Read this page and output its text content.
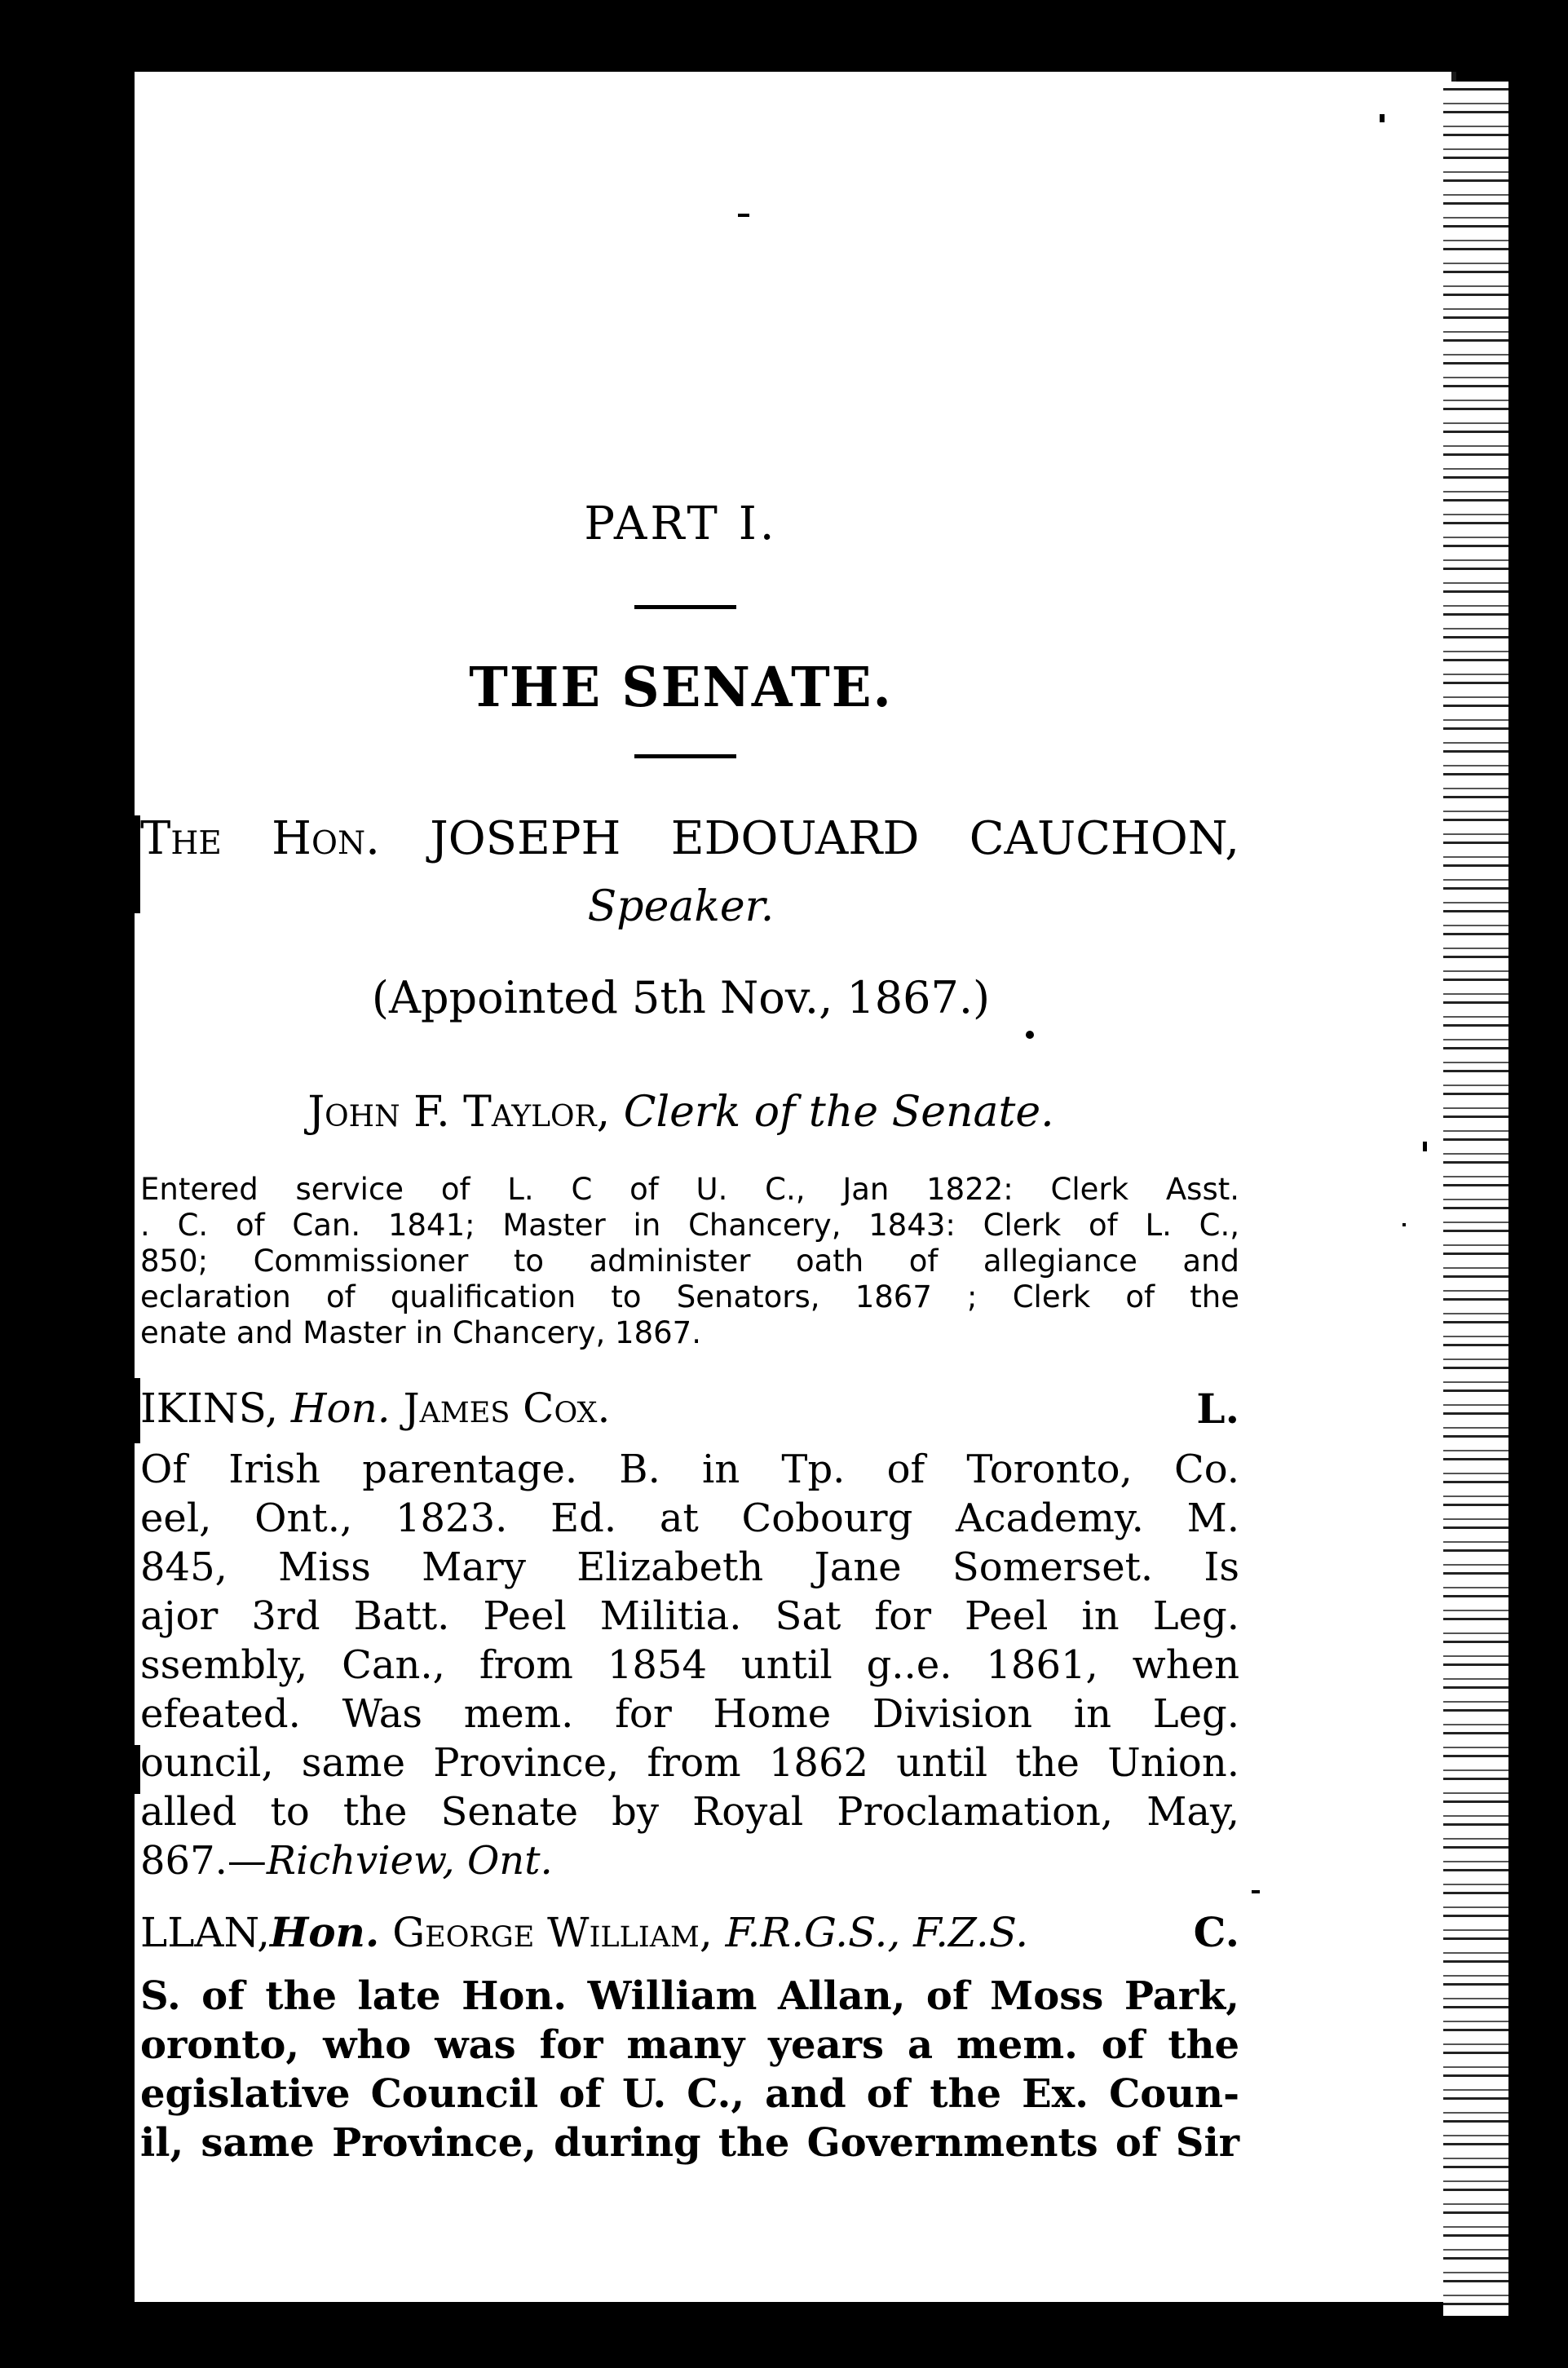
PART I.
THE SENATE.
The Hon. JOSEPH EDOUARD CAUCHON,
Speaker.
(Appointed 5th Nov., 1867.)
John F. Taylor, Clerk of the Senate.
Entered service of L. C of U. C., Jan 1822: Clerk Asst.
. C. of Can. 1841; Master in Chancery, 1843: Clerk of L. C.,
850; Commissioner to administer oath of allegiance and
eclaration of qualification to Senators, 1867 ; Clerk of the
enate and Master in Chancery, 1867.
IKINS, Hon. James Cox.	L.
Of Irish parentage. B. in Tp. of Toronto, Co.
eel, Ont., 1823. Ed. at Cobourg Academy. M.
845, Miss Mary Elizabeth Jane Somerset. Is
ajor 3rd Batt. Peel Militia. Sat for Peel in Leg.
ssembly, Can., from 1854 until g..e. 1861, when
efeated. Was mem. for Home Division in Leg.
ouncil, same Province, from 1862 until the Union.
alled to the Senate by Royal Proclamation, May,
867.—Richview, Ont.
LLAN,Hon. George William, F.R.G.S., F.Z.S.	C.
S. of the late Hon. William Allan, of Moss Park,
oronto, who was for many years a mem. of the
egislative Council of U. C., and of the Ex. Coun-
il, same Province, during the Governments of Sir
